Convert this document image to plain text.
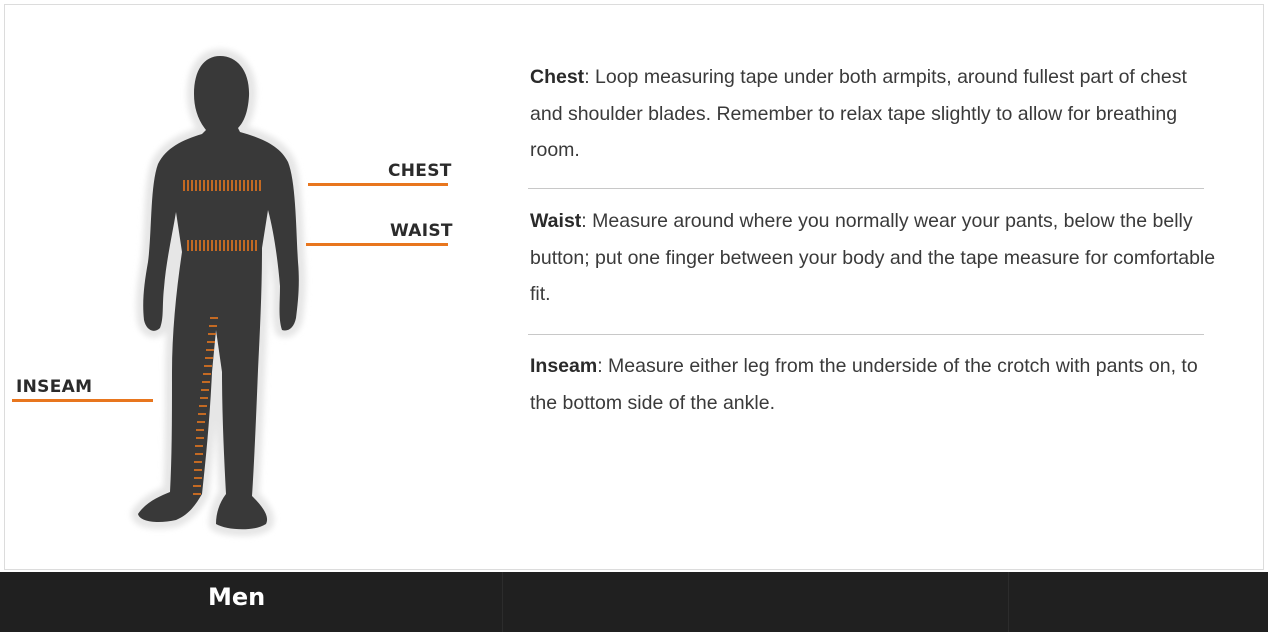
CHEST
WAIST
INSEAM
Chest: Loop measuring tape under both armpits, around fullest part of chest and shoulder blades. Remember to relax tape slightly to allow for breathing room.
Waist: Measure around where you normally wear your pants, below the belly button; put one finger between your body and the tape measure for comfortable fit.
Inseam: Measure either leg from the underside of the crotch with pants on, to the bottom side of the ankle.
Men
